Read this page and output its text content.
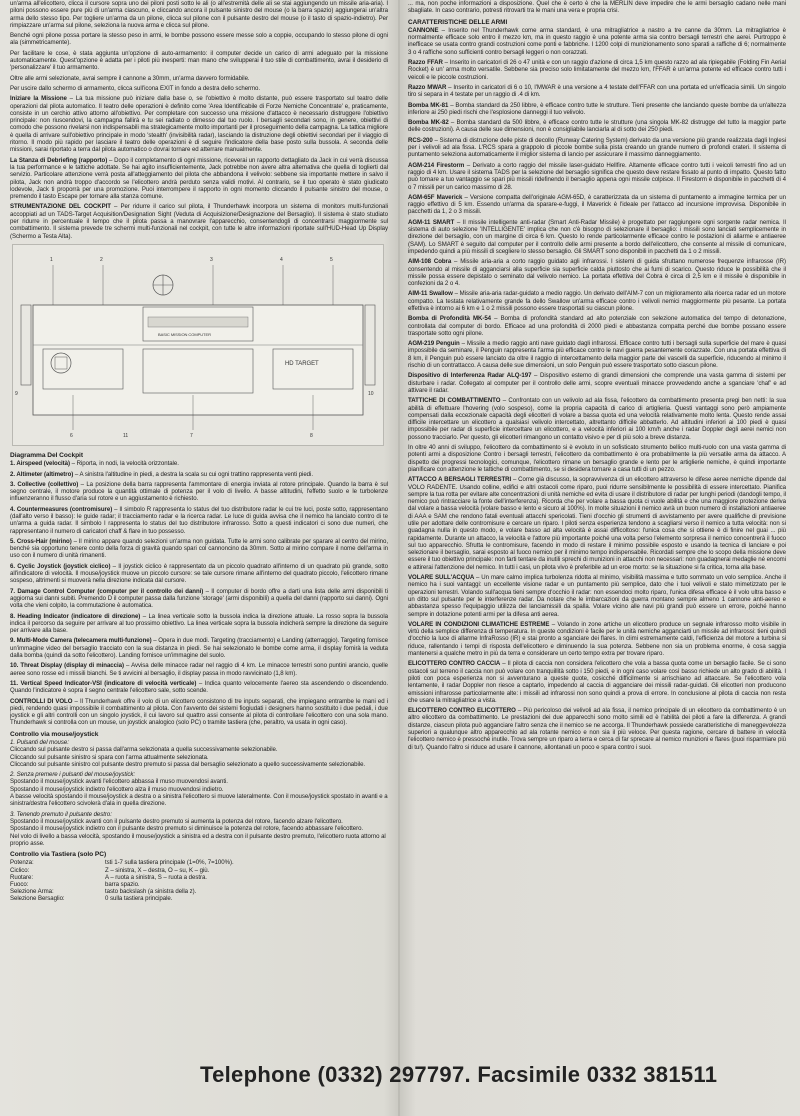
un'arma all'elicottero, clicca il cursore sopra uno dei piloni posti sotto le ali (o all'estremità delle ali se stai aggiungendo un missile aria-aria). I piloni possono essere pure più di un'arma ciascuno, e cliccando ancora il pulsante sinistro del mouse (o la barra spazio) aggiungerai un'altra arma dello stesso tipo. Per togliere un'arma da un pilone, clicca sul pilone con il pulsante destro del mouse (o il tasto di spazio-indietro). Per rimpiazzare un'arma sul pilone, seleziona la nuova arma e clicca sul pilone.

Benché ogni pilone possa portare la stesso peso in armi, le bombe possono essere messe solo a coppie, occupando lo stesso pilone di ogni ala (simmetricamente).

Per facilitare le cose, è stata aggiunta un'opzione di auto-armamento: il computer decide un carico di armi adeguato per la missione automaticamente. Quest'opzione è adatta per i piloti più inesperti: man mano che svilupperai il tuo stile di combattimento, avrai il desiderio di 'personalizzare' il tuo armamento.

Oltre alle armi selezionate, avrai sempre il cannone a 30mm, un'arma davvero formidabile.

Per uscire dallo schermo di armamento, clicca sull'icona EXIT in fondo a destra dello schermo.

Iniziare la Missione – La tua missione può iniziare dalla base o, se l'obiettivo è molto distante, può essere trasportato sul teatro delle operazioni dal pilota automatico. Il teatro delle operazioni è definito come 'Area Identificabile di Forze Nemiche Concentrate' e, praticamente, consiste in un cerchio attivo attorno all'obiettivo. Per completare con successo una missione d'attacco è necessario distruggere l'obiettivo principale: non riuscendovi, la campagna fallirà e tu sei radiato o dimesso dal tuo ruolo. I bersagli secondari sono, in genere, obiettivi di comodo che possono rivelarsi non indispensabili ma strategicamente molto importanti per il proseguimento della campagna. La tattica migliore è quella di arrivare sull'obiettivo principale in modo 'stealth' (invisibilità radar), lasciando la distruzione degli obiettivi secondari per il viaggio di ritorno. Il modo più rapido per lasciare il teatro delle operazioni è di seguire l'indicatore della base posto sulla bussola. A seconda delle missioni, sarai riportato a terra dal pilota automatico o dovrai tornare ed atterrare manualmente.

La Stanza di Debriefing (rapporto) – Dopo il completamento di ogni missione, riceverai un rapporto dettagliato da Jack in cui verrà discussa la tua performance e le tattiche adottate. Se hai agito insufficientemente, Jack potrebbe non avere altra alternativa che quella di toglierti dal servizio. Particolare attenzione verrà posta all'atteggiamento del pilota che abbandona il velivolo: sebbene sia importante mettere in salvo il pilota, Jack non andrà troppo d'accordo se l'elicottero andrà perduto senza validi motivi. Al contrario, se il tuo operato è stato giudicato lodevole, Jack ti proporrà per una promozione. Puoi interrompere il rapporto in ogni momento cliccando il pulsante sinistro del mouse, o premendo il tasto Escape per tornare alla stanza comune.

STRUMENTAZIONE DEL COCKPIT – Per ridurre il carico sul pilota, il Thunderhawk incorpora un sistema di monitors multi-funzionali accoppiati ad un TADS-Target Acquisition/Designation Sight (Veduta di Acquisizione/Designazione del Bersaglio). Il sistema è stato studiato per ridurre in percentuale il tempo che il pilota passa a manovrare l'apparecchio, consentendogli di concentrarsi maggiormente sul combattimento. Il sistema prevede tre schermi multi-funzionali nel cockpit, con tutte le altre informazioni riportate sull'HUD-Head Up Display (Schermo a Testa Alta).

HD TARGET
BASIC MISSION COMPUTER
1	2	3	4	5
6	7	8
9	10
11
Diagramma Del Cockpit

1. Airspeed (velocità) – Riporta, in nodi, la velocità orizzontale.

2. Altimeter (altimetro) – A sinistra l'altitudine in piedi, a destra la scala su cui ogni trattino rappresenta venti piedi.

3. Collective (collettivo) – La posizione della barra rappresenta l'ammontare di energia inviata al rotore principale. Quando la barra è sul segno centrale, il motore produce la quantità ottimale di potenza per il volo di livello. A basse altitudini, l'effetto suolo e le turbolenze influenzeranno il flusso d'aria sul rotore e un aggiustamento è richiesto.

4. Countermeasures (contromisure) – Il simbolo R rappresenta lo status del tuo distributore radar le cui tre luci, poste sotto, rappresentano (dall'alto verso il basso): le guide radar; il tracciamento radar e la ricerca radar. Le luce di guida avvisa che il nemico ha lanciato contro di te un'arma a guida radar. Il simbolo I rappresenta lo status del tuo distributore infrarosso. Sotto a questi indicatori ci sono due numeri, che rappresentano il numero di caricatori chaff & flare in tuo possesso.

5. Cross-Hair (mirino) – Il mirino appare quando selezioni un'arma non guidata. Tutte le armi sono calibrate per sparare al centro del mirino, benché sia opportuno tenere conto della forza di gravità quando spari col cannoncino da 30mm. Sotto al mirino compare il nome dell'arma in uso con il numero di unità rimanenti.

6. Cyclic Joystick (joystick ciclico) – Il joystick ciclico è rappresentato da un piccolo quadrato all'interno di un quadrato più grande, sotto all'indicatore di velocità. Il mouse/joystick muove un piccolo cursore: se tale cursore rimane all'interno del quadrato piccolo, l'elicottero rimane sospeso, altrimenti si muoverà nella direzione indicata dal cursore.

7. Damage Control Computer (computer per il controllo dei danni) – Il computer di bordo offre a darti una lista delle armi disponibili ti aggiorna sui danni subiti. Premendo D il computer passa dalla funzione 'storage' (armi disponibili) a quella del danni (rapporto sui danni). Ogni volta che vieni colpito, la commutazione è automatica.

8. Heading Indicator (indicatore di direzione) – La linea verticale sotto la bussola indica la direzione attuale. La rosso sopra la bussola indica il percorso da seguire per arrivare al tuo prossimo obiettivo. La linea verticale sopra la bussola indicherà sempre la direzione da seguire per arrivare alla base.

9. Multi-Mode Camera (telecamera multi-funzione) – Opera in due modi. Targeting (tracciamento) e Landing (atterraggio). Targeting fornisce un'immagine video del bersaglio tracciato con la sua distanza in piedi. Se hai selezionato le bombe come arma, il display fornirà la veduta dalla bomba (quindi da sotto l'elicottero). Landing fornisce un'immagine del suolo.

10. Threat Display (display di minaccia) – Avvisa delle minacce radar nel raggio di 4 km. Le minacce terrestri sono puntini arancio, quelle aeree sono rosse ed i missili bianchi. Se ti avvicini al bersaglio, il display passa in modo ravvicinato (1,8 km).

11. Vertical Speed Indicator-VSI (indicatore di velocità verticale) – Indica quanto velocemente l'aereo sta ascendendo o discendendo. Quando l'indicatore è sopra il segno centrale l'elicottero sale, sotto scende.

CONTROLLI DI VOLO – Il Thunderhawk offre il volo di un elicottero consistono di tre inputs separati, che impiegano entrambe le mani ed i piedi, rendendo quasi impossibile il combattimento al pilota. Con l'avvento dei sistemi fiogiudati i designers hanno sostituito i due pedali, i due joystick e gli altri controlli con un singolo joystick, il cui lavoro sul quattro assi consente al pilota di controllare l'elicottero con una sola mano. Thunderhawk si controlla con un mouse, un joystick analogico (solo PC) o tramite tastiera (che, peraltro, va usata in ogni caso).

Controllo via mouse/joystick
1. Pulsanti del mouse:
Cliccando sul pulsante destro si passa dall'arma selezionata a quella successivamente selezionabile.
Cliccando sul pulsante sinistro si spara con l'arma attualmente selezionata.
Cliccando sul pulsante sinistro col pulsante destro premuto si passa dal bersaglio selezionato a quello successivamente selezionabile.
2. Senza premere i pulsanti del mouse/joystick:
Spostando il mouse/joystick avanti l'elicottero abbassa il muso muovendosi avanti.
Spostando il mouse/joystick indietro l'elicottero alza il muso muovendosi indietro.
A basse velocità spostando il mouse/joystick a destra o a sinistra l'elicottero si muove lateralmente. Con il mouse/joystick spostato in avanti e a sinistra/destra l'elicottero scivolerà d'ala in quella direzione.
3. Tenendo premuto il pulsante destro:
Spostando il mouse/joystick avanti con il pulsante destro premuto si aumenta la potenza del rotore, facendo alzare l'elicottero.
Spostando il mouse/joystick indietro con il pulsante destro premuto si diminuisce la potenza del rotore, facendo abbassare l'elicottero.
Nel volo di livello a bassa velocità, spostando il mouse/joystick a sinistra ed a destra con il pulsante destro premuto, l'elicottero ruota attorno al proprio asse.
Controllo via Tastiera (solo PC)
Potenza:	tsti 1-7 sulla tastiera principale (1=0%, 7=100%).
Ciclico:	Z – sinistra, X – destra, O – su, K – giù.
Ruotare:	A – ruota a sinistra, S – ruota a destra.
Fuoco:	barra spazio.
Selezione Arma:	tasto backslash (a sinistra della z).
Selezione Bersaglio:	0 sulla tastiera principale.

... ma, non poche informazioni a disposizione. Quel che è certo è che la MERLIN deve impedire che le armi bersaglio cadano nelle mani sbagliate. In caso contrario, potresti ritrovarti tra le mani una vera e propria crisi.

CARATTERISTICHE DELLE ARMI

CANNONE – Inserito nel Thunderhawk come arma standard, è una mitragliatrice a nastro a tre canne da 30mm. La mitragliatrice è normalmente efficace solo entro il mezzo km, ma in questo raggio è una potente arma sia contro bersagli terrestri che aerei. Purtroppo è inefficace se usata contro grandi costruzioni come ponti e fabbriche. I 1200 colpi di munizionamento sono sparati a raffiche di 6; normalmente 3 o 4 raffiche sono sufficienti contro bersagli leggeri o non corazzati.

Razzo FFAR – Inserito in caricatori di 26 o 47 unità e con un raggio d'azione di circa 1,5 km questo razzo ad ala ripiegabile (Folding Fin Aerial Rocket) è un' arma molto versatile. Sebbene sia preciso solo limitatamente del mezzo km, l'FFAR è un'arma potente ed efficace contro tutti i veicoli e le piccole costruzioni.

Razzo MWAR – Inserito in caricatori di 6 o 10, l'MWAR è una versione a 4 testate dell'FFAR con una portata ed un'efficacia simili. Un singolo tiro si separa in 4 testate per un raggio di .4 di km.

Bomba MK-81 – Bomba standard da 250 libbre, è efficace contro tutte le strutture. Tieni presente che lanciando queste bombe da un'altezza inferiore ai 250 piedi rischi che l'esplosione danneggi il tuo velivolo.

Bomba MK-82 – Bomba standard da 500 libbre, è efficace contro tutte le strutture (una singola MK-82 distrugge del tutto la maggior parte delle costruzioni). A causa delle sue dimensioni, non è consigliabile lanciarla al di sotto dei 250 piedi.

RCS-200 – Sistema di distruzione delle piste di decollo (Runway Catering System) derivato da una versione più grande realizzata dagli Inglesi per i velivoli ad ala fissa. L'RCS spara a grappolo di piccole bombe sulla pista creando un grande numero di profondi crateri. Il sistema di puntamento seleziona automaticamente il miglior sistema di lancio per assicurare il massimo danneggiamento.

AGM-214 Firestorm – Derivato a corto raggio del missile laser-guidato Hellfire. Altamente efficace contro tutti i veicoli terrestri fino ad un raggio di 4 km. Usare il sistema TADS per la selezione del bersaglio significa che questo deve restare fissato al punto di impatto. Questo fatto può tornare a tuo vantaggio se spari più missili ridefinendo il bersaglio appena ogni missile colpisce. Il Firestorm è disponibile in pacchetti di 4 o 7 missili per un carico massimo di 28.

AGM-65F Maverick – Versione compatta dell'originale AGM-65D, è caratterizzata da un sistema di puntamento a immagine termica per un raggio effettivo di 5 km. Essendo un'arma da sparare-e-fuggi, il Maverick è l'ideale per l'attacco ad incursione improvvisa. Disponibile in pacchetti da 1, 2 o 3 missili.

AGM-11 SMART – Il missile intelligente anti-radar (Smart Anti-Radar Missile) è progettato per raggiungere ogni sorgente radar nemica. Il sistema di auto selezione 'INTELLIGENTE' implica che non c'è bisogno di selezionare il bersaglio: i missili sono lanciati semplicemente in direzione del bersaglio, con un margine di circa 6 km. Questo lo rende particolarmente efficace contro le postazioni di allarme e antiaeree (SAM). Lo SMART è seguito dal computer per il controllo delle armi presente a bordo dell'elicottero, che consente al missile di comunicare, impedendo quindi a più missili di scegliere lo stesso bersaglio. Gli SMART sono disponibili in pacchetti da 1 o 2 missili.

AIM-108 Cobra – Missile aria-aria a corto raggio guidato agli infrarossi. I sistemi di guida sfruttano numerose frequenze infrarosse (IR) consentendo al missile di agganciarsi alla superficie sia superficie calda piuttosto che ai fumi di scarico. Questo riduce le possibilità che il missile possa essere depistato o seminato dal velivolo nemico. La portata effettiva del Cobra è circa di 2,5 km e il missile è disponibile in confezioni da 2 o 4.

AIM-11 Swallow – Missile aria-aria radar-guidato a medio raggio. Un derivato dell'AIM-7 con un miglioramento alla ricerca radar ed un motore compatto. La testata relativamente grande fa dello Swallow un'arma efficace contro i velivoli nemici maggiormente più pesante. La portata effettiva è intorno ai 6 km e 1 o 2 missili possono essere trasportati su ciascun pilone.

Bomba di Profondità MK-54 – Bomba di profondità standard ad alto potenziale con selezione automatica del tempo di detonazione, controllata dal computer di bordo. Efficace ad una profondità di 2000 piedi e abbastanza compatta perché due bombe possano essere trasportate sotto ogni pilone.

AGM-219 Penguin – Missile a medio raggio anti nave guidato dagli infrarossi. Efficace contro tutti i bersagli sulla superficie del mare è quasi impossibile da seminare, il Penguin rappresenta l'arma più efficace contro le navi guerra pesantemente corazzate. Con una portata effettiva di 8 km, il Penguin può essere lanciato da oltre il raggio di intercettamento della maggior parte dei vascelli da superficie, riducendo al minimo il rischio di un contrattacco. A causa delle sue dimensioni, un solo Penguin può essere trasportato sotto ciascun pilone.

Dispositivo di Interferenza Radar ALQ-197 – Dispositivo esterno di grandi dimensioni che comprende una vasta gamma di sistemi per disturbare i radar. Collegato al computer per il controllo delle armi, scopre eventuali minacce provvedendo anche a sganciare 'chaf' e ad attivare il radar.

TATTICHE DI COMBATTIMENTO – Confrontato con un velivolo ad ala fissa, l'elicottero da combattimento presenta pregi ben netti: la sua abilità di effettuare l'hovering (volo sospeso), come la propria capacità di carico di artiglieria. Questi vantaggi sono però ampiamente compensati dalla eccezionale capacità degli elicotteri di volare a bassa quota ed una velocità relativamente molto lenta. Questo rende assai difficile intercettare un elicottero a qualsiasi velivolo intercettato, altrettanto difficile abbatterlo. Ad altitudini inferiori ai 100 piedi è quasi impossibile per radar di superficie intercettare un elicottero, e a velocità inferiori ai 100 km/h anche i radar Doppler degli aerei nemici non possono tracciarlo. Per questo, gli elicotteri rimangono un contatto visivo e per di più solo a breve distanza.

In oltre 40 anni di sviluppo, l'elicottero da combattimento si è evoluto in un sofisticato strumento bellico multi-ruolo con una vasta gamma di potenti armi a disposizione Contro i bersagli terrestri, l'elicottero da combattimento è ora probabilmente la più versatile arma da attacco. A dispetto dei progressi tecnologici, comunque, l'elicottero rimane un bersaglio grande e lento per le artiglierie nemiche, è quindi importante pianificare con attenzione le tattiche di combattimento, se si desidera tornare a casa tutti di un pezzo.

ATTACCO A BERSAGLI TERRESTRI – Come già discusso, la sopravvivenza di un elicottero attraverso le difese aeree nemiche dipende dal VOLO RADENTE. Usando colline, edifici e altri ostacoli come riparo, puoi ridurre sensibilmente le possibilità di essere intercettato. Pianifica sempre la tua rotta per evitare alte concentrazioni di unità nemiche ed evita di usare il distributore di radar per lunghi periodi (dandogli tempo, il nemico può rintracciare la fonte dell'interferenza). Ricorda che per volare a bassa quota ci vuole abilità e che una maggiore protezione deriva dal volare a bassa velocità (volare basso e lento e sicuro al 100%). In molte situazioni il nemico avrà un buon numero di installazioni antiaeree di AAA e SAM che rendono fatali eventuali attacchi spericolati. Tieni d'occhio gli strumenti di avvistamento per avere qualifiche di previsione utile per adottare delle contromisure e cercare un riparo. I piloti senza esperienza tendono a scagliarsi verso il nemico a tutta velocità: non si guadagna nulla in questo modo, e volare basso ad alta velocità è assai difficoltoso: l'unica cosa che si ottiene è di finire nel guai ... più rapidamente. Durante un attacco, la velocità e l'attore più importante poiché una volta perso l'elemento sorpresa il nemico concentrerà il fuoco sul tuo apparecchio. Sfrutta le contromisure, facendo in modo di restare il minimo possibile esposto e usando la tecnica di lanciare e poi selezionare il bersaglio, sarai esposto al fuoco nemico per il minimo tempo indispensabile. Ricordati sempre che lo scopo della missione deve essere il tuo obiettivo principale: non farti tentare da inutili sprechi di munizioni in attacchi non necessari: non guadagnerai medaglie né encomi e attirerai l'attenzione del nemico. In tutti i casi, un pilota vivo è preferibile ad un eroe morto: se la situazione si fa critica, torna alla base.

VOLARE SULL'ACQUA – Un mare calmo implica turbolenza ridotta al minimo, visibilità massima e tutto sommato un volo semplice. Anche il nemico ha i suoi vantaggi: un eccellente visione radar e un puntamento più semplice, dato che i tuoi velivoli e stato mimetizzato per le operazioni terrestri. Volando sull'acqua tieni sempre d'occhio il radar: non essendoci molto riparo, l'unica difesa efficace è il volo ultra basso e un ditto sul pulsante per le interferenze radar. Da notare che le imbarcazioni da guerra montano sempre almeno 1 cannone anti-aereo e abbastanza spesso l'equipaggio utilizza dei lanciamissili da spalla. Volare vicino alle navi più grandi può essere un errore, poiché hanno sempre in dotazione potenti armi per la difesa anti aerea.

VOLARE IN CONDIZIONI CLIMATICHE ESTREME – Volando in zone artiche un elicottero produce un segnale infrarosso molto visibile in virtù della semplice differenza di temperatura. In queste condizioni è facile per le unità nemiche agganciarti un missile ad infrarossi: tieni quindi d'occhio la luce di allarme InfraRosso (IR) e stai pronto a sganciare dei flares. In climi estremamente caldi, l'efficienza del motore a turbina si riduce, rallentando i tempi di risposta dell'elicottero e diminuendo la sua potenza. Sebbene non sia un problema enorme, è cosa saggia mantenersi a qualche metro in più da terra e considerare un certo tempo extra per trovare riparo.

ELICOTTERO CONTRO CACCIA – Il pilota di caccia non considera l'elicottero che vola a bassa quota come un bersaglio facile. Se ci sono ostacoli sul terreno il caccia non può volare con tranquillità sotto i 150 piedi, e in ogni caso volare così basso richiede un alto grado di abilità. I piloti con poca esperienza non si avventurano a queste quote, cosicché difficilmente si arrischiano ad attaccare. Se l'elicottero vola lentamente, il radar Doppler non riesce a captarlo, impedendo al caccia di agganciare dei missili radar-guidati. Gli elicotteri non producono emissioni infrarosse particolarmente alte: i missili ad infrarossi non sono quindi a prova di errore. In conclusione al pilota di caccia non resta che usare la mitragliatrice a vista.

ELICOTTERO CONTRO ELICOTTERO – Più pericoloso dei velivoli ad ala fissa, il nemico principale di un elicottero da combattimento è un altro elicottero da combattimento. Le prestazioni dei due apparecchi sono molto simili ed è l'abilità dei piloti a fare la differenza. A grandi distanze, ciascun pilota può agganciare l'altro senza che il nemico se ne accorga. Il Thunderhawk possiede caratteristiche di maneggevolezza superiori a qualunque altro apparecchio ad ala rotante nemico e non sia il più veloce. Per questa ragione, cercare di battere in velocità l'elicottero nemico è pressoché inutile. Trova sempre un riparo a terra e cerca di far sprecare al nemico munizioni e flares (puoi risparmiare più di tu!). Quando l'altro si riduce ad usare il cannone, allontanati un poco e spara contro i suoi.

Telephone (0332) 297797. Facsimile 0332 381511
